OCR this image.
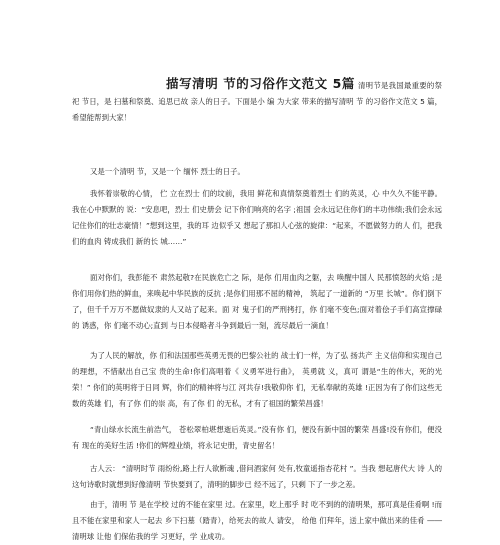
描写清明 节的习俗作文范文 5篇 清明节是我国最重要的祭祀 节日，是 扫墓和祭奠、追思已故 亲人的日子。下面是小 编 为大家 带来的描写清明 节 的习俗作文范文 5 篇，希望能帮到大家！

又是一个清明 节，又是一个 缅怀 烈士的日子。

我怀着崇敬的心情， 伫 立在烈士 们的坟前，我用 鲜花和真情祭奠着烈士 们的英灵，心 中久久不能平静。我在心中默默的 说：“安息吧，烈士 们史册会 记下你们响亮的名字 ;祖国 会永远记住你们的丰功伟绩;我们会永远记住你们的壮志豪情！”想到这里，我的耳 边似乎又 想起了那扣人心弦的旋律：“起来，不愿做努力的人 们，把我 们的血肉 铸成我们 新的长 城……”

面对你们，我彭能不 肃然起敬?在民族危亡之 际，是你 们用血肉之躯，去 唤醒中国人 民那愤怒的火焰 ;是你们用你们热的鲜血，来唤起中华民族的反抗 ;是你们用那不屈的精神， 筑起了一道新的 “万里 长城”。你们倒下了，但千千万万不愿做奴隶的人又站了起来。面 对 鬼子们的严刑拷打，你 们毫不变色;面对着侩子手们高宣撑碌的 诱惑，你 们毫不动心;直到 与日本侵略者斗争到最后一刻，流尽最后一滴血！

为了人民的解放，你 们和法国那些英勇无畏的巴黎公社的 战士们一样，为了弘 扬共产 主义信仰和实现自己的理想，不惜献出自己宝 贵的生命!你们高唱着《 义勇军进行曲》， 英勇就 义，真可 谓是“生的伟大，死的光荣！” 你们的英明将于日同 辉，你们的精神将与江 河共存!我敬仰你 们，无私奉献的英雄 !正因为有了你们这些无数的英雄 们，有了你 们的崇 高，有了你 们 的无私，才有了祖国的繁荣昌盛！

“青山绿水长流生前浩气， 苍松翠柏堪想逝后英灵。”没有你 们，便没有新中国的繁荣 昌盛!没有你们，便没有 现在的美好生活 !你们的辉煌业绩，将永记史册，青史留名！

古人云： “清明时节 雨纷纷,路上行人欲断魂 ,借问酒家何 处有,牧童遥指杏花村 ”。当我 想起唐代大 诗 人的 这句诗歌时就想到好像清明 节快要到了，清明的脚步已 经不远了，只剩 下了一步之差。

由于，清明 节 是在学校 过的不能在家里 过。在家里，吃上那乎 时 吃不到的的清明果，那可真是佳肴啊 !而且不能在家里和家人一起去 乡下扫墓（踏青），给死去的故人 请安， 给他 们拜年，送上家中做出来的佳肴 ――清明球 让他 们保佑我的学 习更好，学 业成功。
